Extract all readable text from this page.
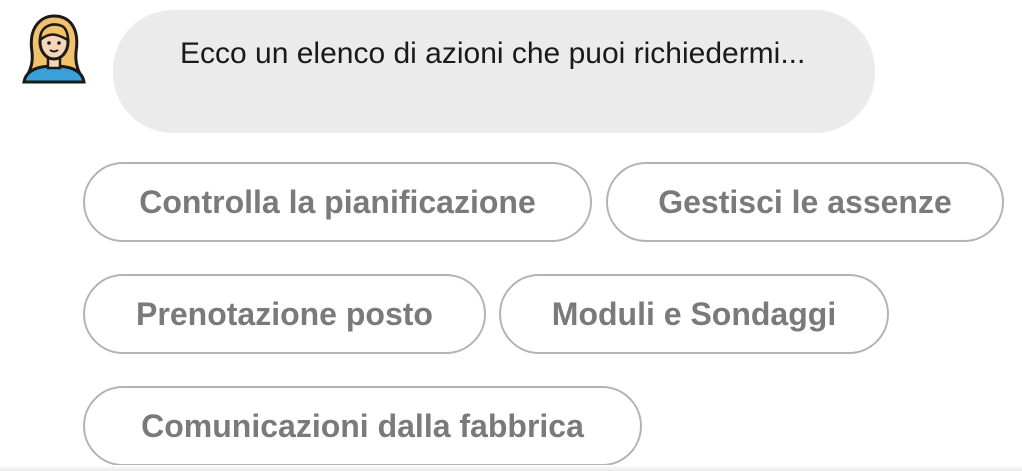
Ecco un elenco di azioni che puoi richiedermi...
Controlla la pianificazione	Gestisci le assenze
Prenotazione posto	Moduli e Sondaggi
Comunicazioni dalla fabbrica
